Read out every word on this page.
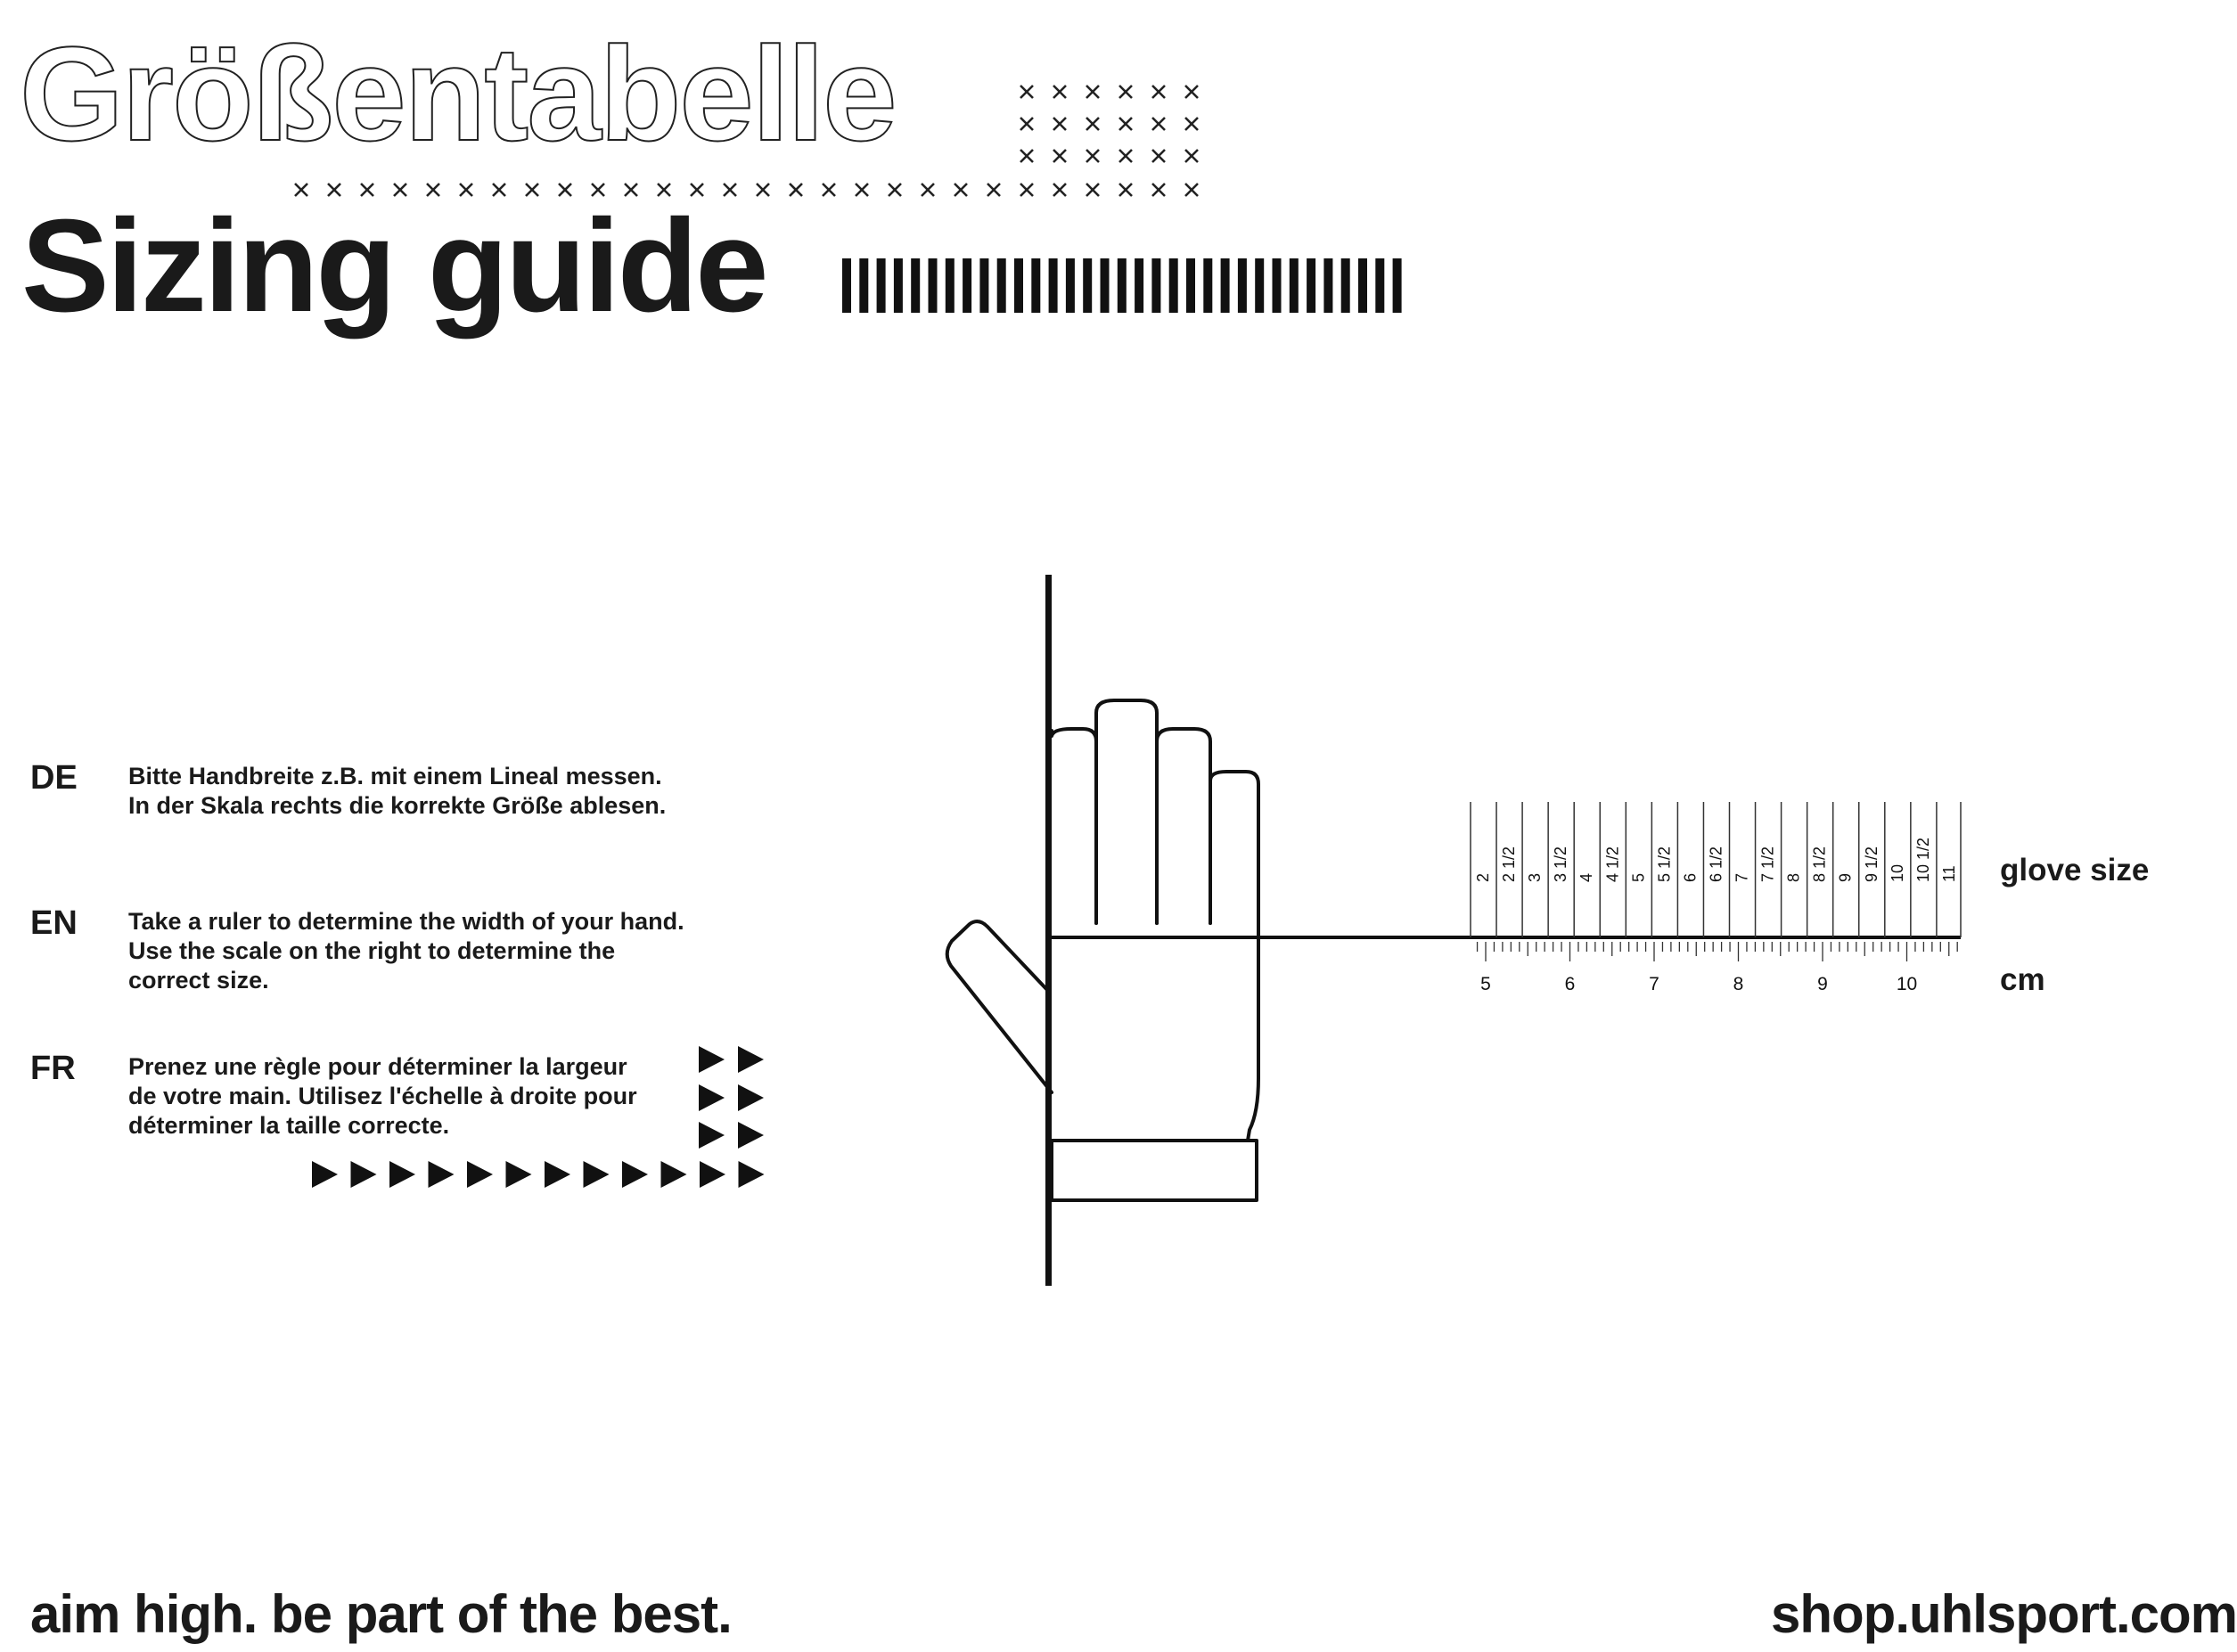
Größentabelle
Sizing guide
2 2 1/2 3 3 1/2 4 4 1/2 5 5 1/2 6 6 1/2 7 7 1/2 8 8 1/2 9 9 1/2 10 10 1/2 11
5	6	7	8	9	10
glove size
cm
DE Bitte Handbreite z.B. mit einem Lineal messen.
In der Skala rechts die korrekte Größe ablesen.
EN Take a ruler to determine the width of your hand.
Use the scale on the right to determine the
correct size.
FR Prenez une règle pour déterminer la largeur
de votre main. Utilisez l'échelle à droite pour
déterminer la taille correcte.
aim high. be part of the best.	shop.uhlsport.com
